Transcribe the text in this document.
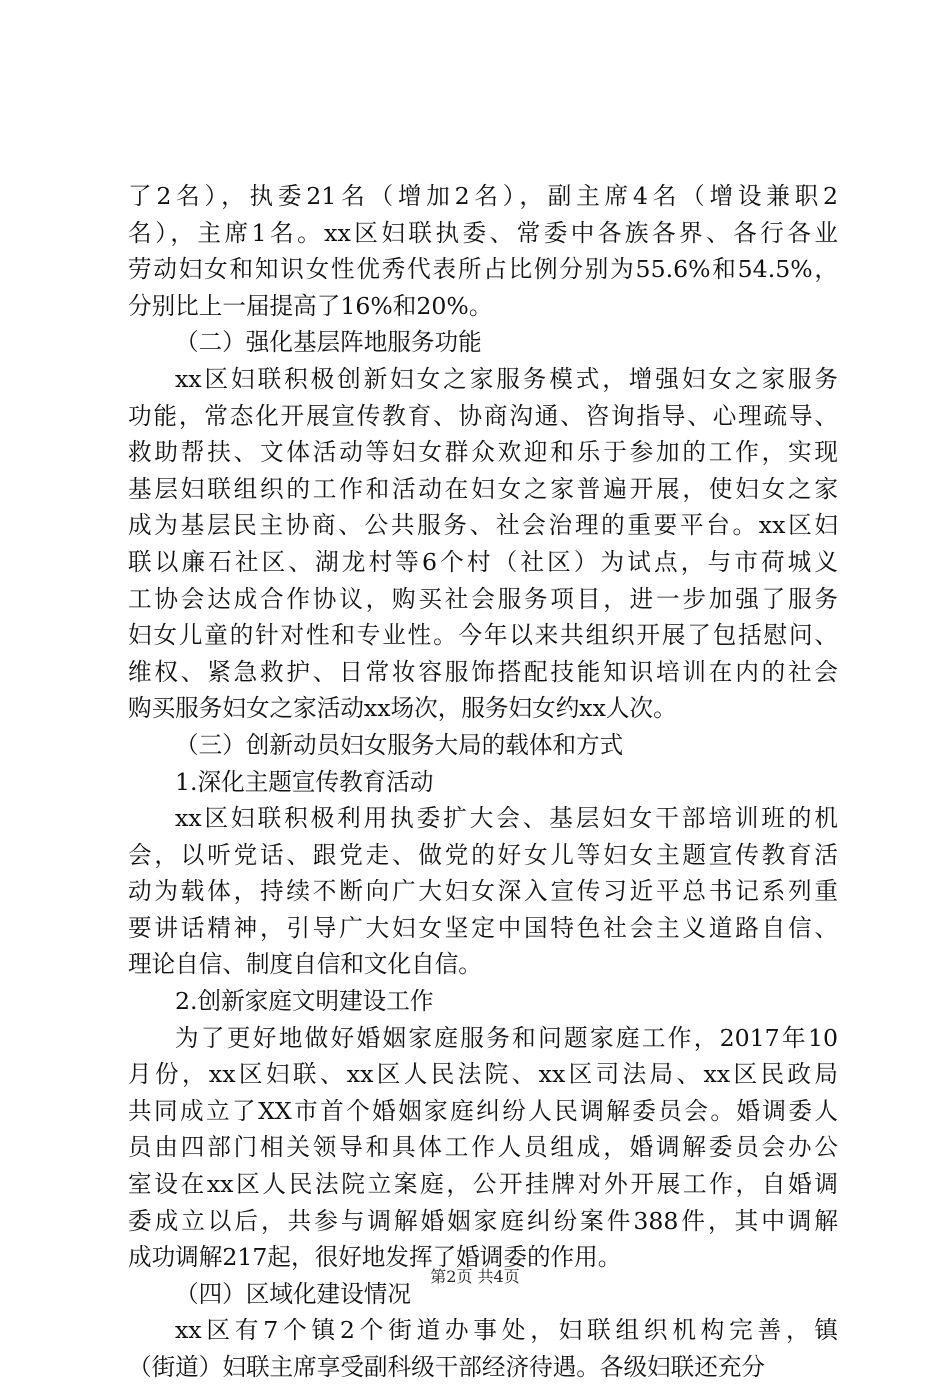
了2名），执委21名（增加2名），副主席4名（增设兼职2
名），主席1名。xx区妇联执委、常委中各族各界、各行各业
劳动妇女和知识女性优秀代表所占比例分别为55.6%和54.5%，
分别比上一届提高了16%和20%。
（二）强化基层阵地服务功能
xx区妇联积极创新妇女之家服务模式，增强妇女之家服务
功能，常态化开展宣传教育、协商沟通、咨询指导、心理疏导、
救助帮扶、文体活动等妇女群众欢迎和乐于参加的工作，实现
基层妇联组织的工作和活动在妇女之家普遍开展，使妇女之家
成为基层民主协商、公共服务、社会治理的重要平台。xx区妇
联以廉石社区、湖龙村等6个村（社区）为试点，与市荷城义
工协会达成合作协议，购买社会服务项目，进一步加强了服务
妇女儿童的针对性和专业性。今年以来共组织开展了包括慰问、
维权、紧急救护、日常妆容服饰搭配技能知识培训在内的社会
购买服务妇女之家活动xx场次，服务妇女约xx人次。
（三）创新动员妇女服务大局的载体和方式
1.深化主题宣传教育活动
xx区妇联积极利用执委扩大会、基层妇女干部培训班的机
会，以听党话、跟党走、做党的好女儿等妇女主题宣传教育活
动为载体，持续不断向广大妇女深入宣传习近平总书记系列重
要讲话精神，引导广大妇女坚定中国特色社会主义道路自信、
理论自信、制度自信和文化自信。
2.创新家庭文明建设工作
为了更好地做好婚姻家庭服务和问题家庭工作，2017年10
月份，xx区妇联、xx区人民法院、xx区司法局、xx区民政局
共同成立了XX市首个婚姻家庭纠纷人民调解委员会。婚调委人
员由四部门相关领导和具体工作人员组成，婚调解委员会办公
室设在xx区人民法院立案庭，公开挂牌对外开展工作，自婚调
委成立以后，共参与调解婚姻家庭纠纷案件388件，其中调解
成功调解217起，很好地发挥了婚调委的作用。
（四）区域化建设情况
xx区有7个镇2个街道办事处，妇联组织机构完善，镇
（街道）妇联主席享受副科级干部经济待遇。各级妇联还充分
第2页 共4页
